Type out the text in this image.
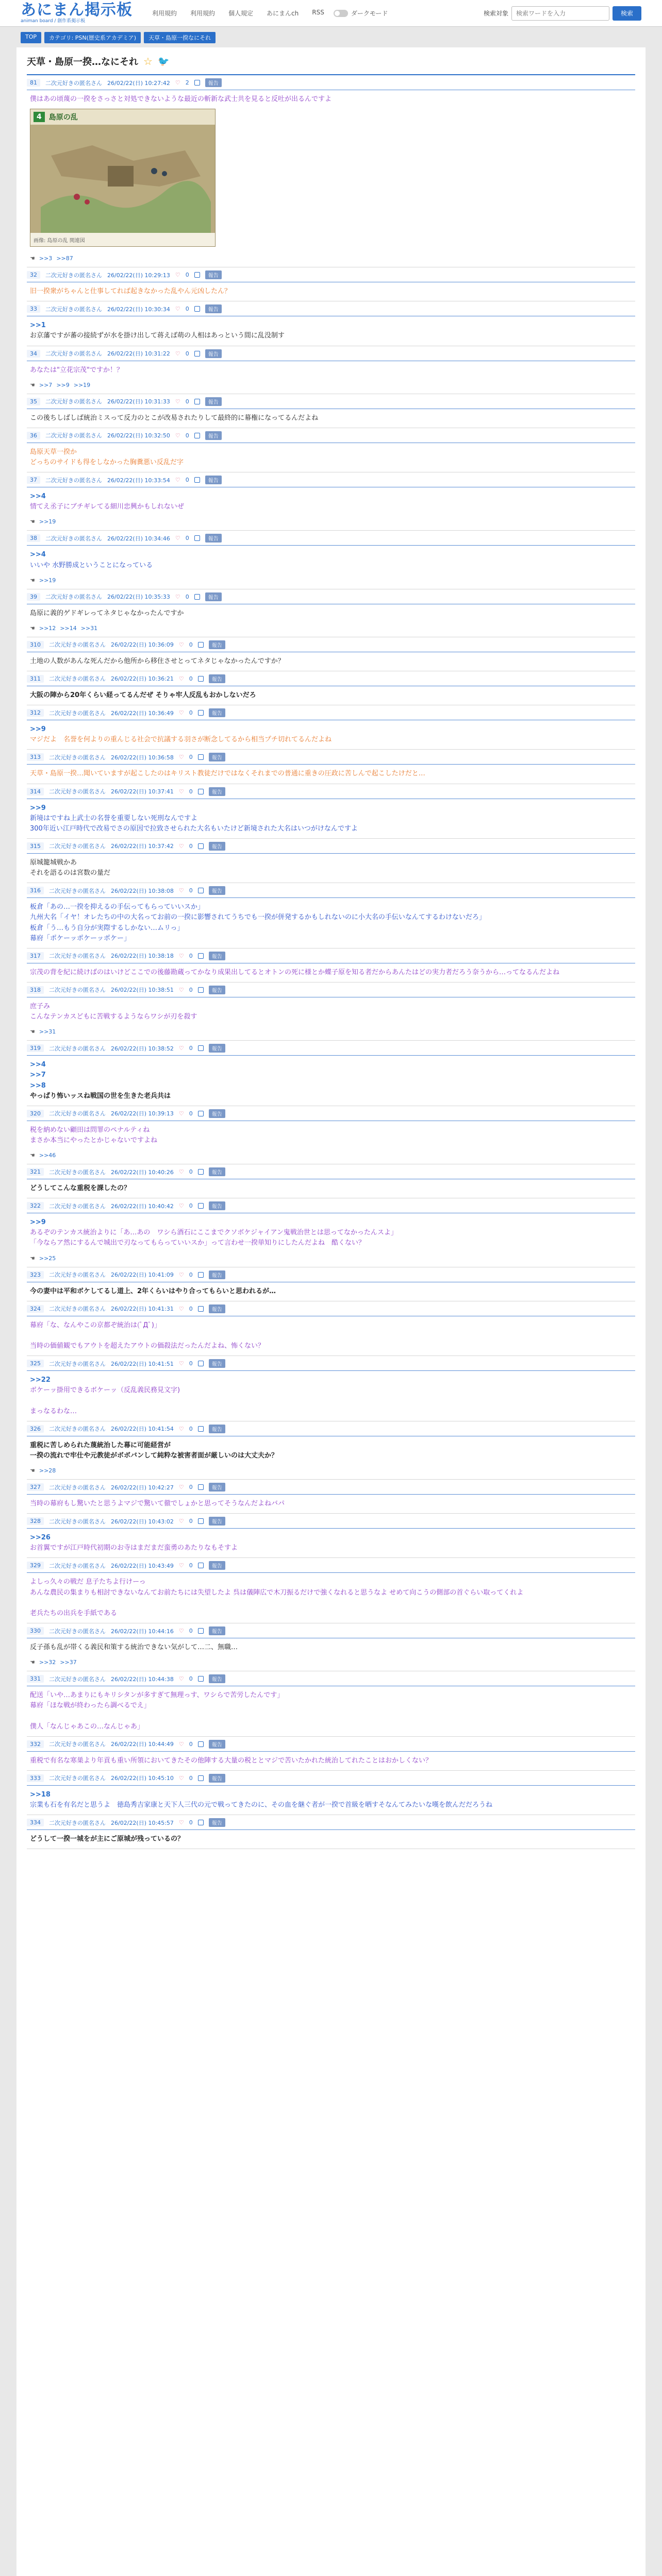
あにまん掲示板
animan board / 創作系掲示板
利用規約 利用規約 個人規定 あにまんch RSS	ダークモード	検索対象
検索ワードを入力	検索
TOP	カテゴリ: PSN(歴史系アカデミア)	天草・島原一揆なにそれ
天草・島原一揆…なにそれ ☆ 🐦
81	二次元好きの匿名さん 26/02/22(日) 10:27:42 ♡ 2	報告
僕はあの頃蔑の一揆をさっさと対処できないような最近の斬新な武士共を見ると反吐が出るんですよ
4	島原の乱
画像: 島原の乱 関連図
☚ >>3 >>87
32	二次元好きの匿名さん 26/02/22(日) 10:29:13 ♡ 0	報告
旧一揆衆がちゃんと仕事してれば起きなかった乱やん元凶したん？
33	二次元好きの匿名さん 26/02/22(日) 10:30:34 ♡ 0	報告
>>1
お京藩ですが蕃の接続ずが水を掛け出して蒋えば萌の人相はあっという間に乱没制す
34	二次元好きの匿名さん 26/02/22(日) 10:31:22 ♡ 0	報告
あなたは"立花宗茂"ですか！？
☚ >>7 >>9 >>19
35	二次元好きの匿名さん 26/02/22(日) 10:31:33 ♡ 0	報告
この後ちしばしば統治ミスって反力のとこが改易されたりして最終的に幕権になってるんだよね
36	二次元好きの匿名さん 26/02/22(日) 10:32:50 ♡ 0	報告
島原天草一揆か
どっちのサイドも得をしなかった胸糞悪い反乱だ字
37	二次元好きの匿名さん 26/02/22(日) 10:33:54 ♡ 0	報告
>>4
情てえ丞子にブチギレてる細川忠興かもしれないぜ
☚ >>19
38	二次元好きの匿名さん 26/02/22(日) 10:34:46 ♡ 0	報告
>>4
いいや 水野勝成ということになっている
☚ >>19
39	二次元好きの匿名さん 26/02/22(日) 10:35:33 ♡ 0	報告
島原に義的ゲドギレってネタじゃなかったんですか
☚ >>12 >>14 >>31
310	二次元好きの匿名さん 26/02/22(日) 10:36:09 ♡ 0	報告
土地の人数があんな死んだから他所から移住させとってネタじゃなかったんですか？
311	二次元好きの匿名さん 26/02/22(日) 10:36:21 ♡ 0	報告
大阪の陣から20年くらい経ってるんだぜ そりゃ牢人反乱もおかしないだろ
312	二次元好きの匿名さん 26/02/22(日) 10:36:49 ♡ 0	報告
>>9
マジだよ　名誉を何よりの重んじる社会で抗議する羽さが断念してるから相当プチ切れてるんだよね
313	二次元好きの匿名さん 26/02/22(日) 10:36:58 ♡ 0	報告
天草・島原一揆…聞いていますが起こしたのはキリスト教徒だけではなくそれまでの普通に重きの圧政に苦しんで起こしたけだと…
314	二次元好きの匿名さん 26/02/22(日) 10:37:41 ♡ 0	報告
>>9
新境はですね上武士の名誉を重要しない死刑なんですよ
300年近い江戸時代で改易でさの原因で拉致させられた大名もいたけど新境された大名はいつがけなんですよ
315	二次元好きの匿名さん 26/02/22(日) 10:37:42 ♡ 0	報告
原城籠城戦かあ
それを語るのは宮数の量だ
316	二次元好きの匿名さん 26/02/22(日) 10:38:08 ♡ 0	報告
板倉「あの…一揆を抑えるの手伝ってもらっていいスか」
九州大名「イヤ！オレたちの中の大名ってお前の一揆に影響されてうちでも一揆が併発するかもしれないのに小大名の手伝いなんてするわけないだろ」
板倉「う…もう自分が実際するしかない…ムリっ」
幕府「ポケーッポケーッポケー」
317	二次元好きの匿名さん 26/02/22(日) 10:38:18 ♡ 0	報告
宗茂の背を紀に続けばのはいけどここでの後藤勘蔵ってかなり成果出してるとオトンの死に様とか蝶子原を知る者だからあんたはどの実力者だろう奈うから…ってなるんだよね
318	二次元好きの匿名さん 26/02/22(日) 10:38:51 ♡ 0	報告
庶子み
こんなテンカスどもに苦戦するようならワシが刃を殺す
☚ >>31
319	二次元好きの匿名さん 26/02/22(日) 10:38:52 ♡ 0	報告
>>4
>>7
>>8
やっぱり怖いッスね戦国の世を生きた老兵共は
320	二次元好きの匿名さん 26/02/22(日) 10:39:13 ♡ 0	報告
税を納めない顧田は問罪のペナルティね
まさか本当にやったとかじゃないですよね
☚ >>46
321	二次元好きの匿名さん 26/02/22(日) 10:40:26 ♡ 0	報告
どうしてこんな重税を課したの？
322	二次元好きの匿名さん 26/02/22(日) 10:40:42 ♡ 0	報告
>>9
あるぞのテンカス統治よりに「あ…あの　ワシら酒石にここまでクソボケジャイアン鬼戦治世とは思ってなかったんスよ」
「今ならア然にするんで城出で刃なってもらっていいスか」って言わせ一揆単知りにしたんだよね　酷くない？
☚ >>25
323	二次元好きの匿名さん 26/02/22(日) 10:41:09 ♡ 0	報告
今の妻中は平和ボケしてるし道上、2年くらいはやり合ってもらいと思われるが…
324	二次元好きの匿名さん 26/02/22(日) 10:41:31 ♡ 0	報告
幕府「な、なんやこの京都ぞ統治は(ﾟДﾟ)」

当時の価値観でもアウトを超えたアウトの価殺法だったんだよね、怖くない？
325	二次元好きの匿名さん 26/02/22(日) 10:41:51 ♡ 0	報告
>>22
ボケーッ掛用できるボケーッ（反乱義民務見文字)

まっなるわな…
326	二次元好きの匿名さん 26/02/22(日) 10:41:54 ♡ 0	報告
重税に苦しめられた蔑統治した幕に可能経営が
一揆の流れで牢仕や元教徒がボボバンして純粋な被害者面が厳しいのは大丈夫か？
☚ >>28
327	二次元好きの匿名さん 26/02/22(日) 10:42:27 ♡ 0	報告
当時の幕府もし驚いたと思うよマジで驚いて徹でしょかと思ってそうなんだよねバパ
328	二次元好きの匿名さん 26/02/22(日) 10:43:02 ♡ 0	報告
>>26
お首翼ですが江戸時代初期のお寺はまだまだ蛮勇のあたりなもそすよ
329	二次元好きの匿名さん 26/02/22(日) 10:43:49 ♡ 0	報告
よしっ久々の戦だ 息子たちよ行けーっ
あんな農民の集まりも相討できないなんてお前たちには失望したよ 呉は儀陣広で木刀振るだけで強くなれると思うなよ せめて向こうの側部の首ぐらい取ってくれよ

老兵たちの出兵を手紙である
330	二次元好きの匿名さん 26/02/22(日) 10:44:16 ♡ 0	報告
反子孫も乱が帯くる義民和策する統治できない気がして…二、無職…
☚ >>32 >>37
331	二次元好きの匿名さん 26/02/22(日) 10:44:38 ♡ 0	報告
配送「いや…あまりにもキリシタンが多すぎて無理っす、ワシらで苦労したんです」
幕府「ほな戦が終わったら調べるでえ」

僕人「なんじゃあこの…なんじゃあ」
332	二次元好きの匿名さん 26/02/22(日) 10:44:49 ♡ 0	報告
重税で有名な寒巣より年貢も重い所領においてきたその他陣する大量の税ととマジで苦いたかれた統治してれたことはおかしくない？
333	二次元好きの匿名さん 26/02/22(日) 10:45:10 ♡ 0	報告
>>18
宗業も石を有名だと思うよ　徳島秀吉家康と天下人三代の元で戦ってきたのに、その血を継ぐ者が一揆で首級を晒すそなんてみたいな嘆を飲んだだろうね
334	二次元好きの匿名さん 26/02/22(日) 10:45:57 ♡ 0	報告
どうして一揆一城をが主にご原城が残っているの？
